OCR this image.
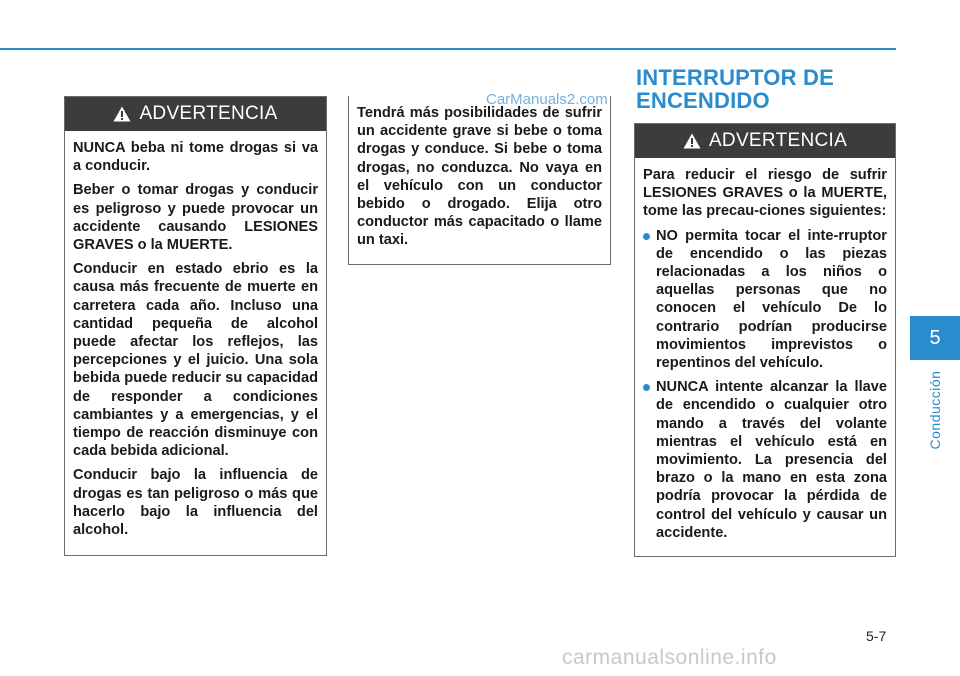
INTERRUPTOR DE ENCENDIDO
ADVERTENCIA

NUNCA beba ni tome drogas si va a conducir.

Beber o tomar drogas y conducir es peligroso y puede provocar un accidente causando LESIONES GRAVES o la MUERTE.

Conducir en estado ebrio es la causa más frecuente de muerte en carretera cada año. Incluso una cantidad pequeña de alcohol puede afectar los reflejos, las percepciones y el juicio. Una sola bebida puede reducir su capacidad de responder a condiciones cambiantes y a emergencias, y el tiempo de reacción disminuye con cada bebida adicional.

Conducir bajo la influencia de drogas es tan peligroso o más que hacerlo bajo la influencia del alcohol.

Tendrá más posibilidades de sufrir un accidente grave si bebe o toma drogas y conduce. Si bebe o toma drogas, no conduzca. No vaya en el vehículo con un conductor bebido o drogado. Elija otro conductor más capacitado o llame un taxi.

CarManuals2.com
ADVERTENCIA

Para reducir el riesgo de sufrir LESIONES GRAVES o la MUERTE, tome las precau-ciones siguientes:

NO permita tocar el inte-rruptor de encendido o las piezas relacionadas a los niños o aquellas personas que no conocen el vehículo De lo contrario podrían producirse movimientos imprevistos o repentinos del vehículo.
NUNCA intente alcanzar la llave de encendido o cualquier otro mando a través del volante mientras el vehículo está en movimiento. La presencia del brazo o la mano en esta zona podría provocar la pérdida de control del vehículo y causar un accidente.
5
Conducción
5-7
carmanualsonline.info
